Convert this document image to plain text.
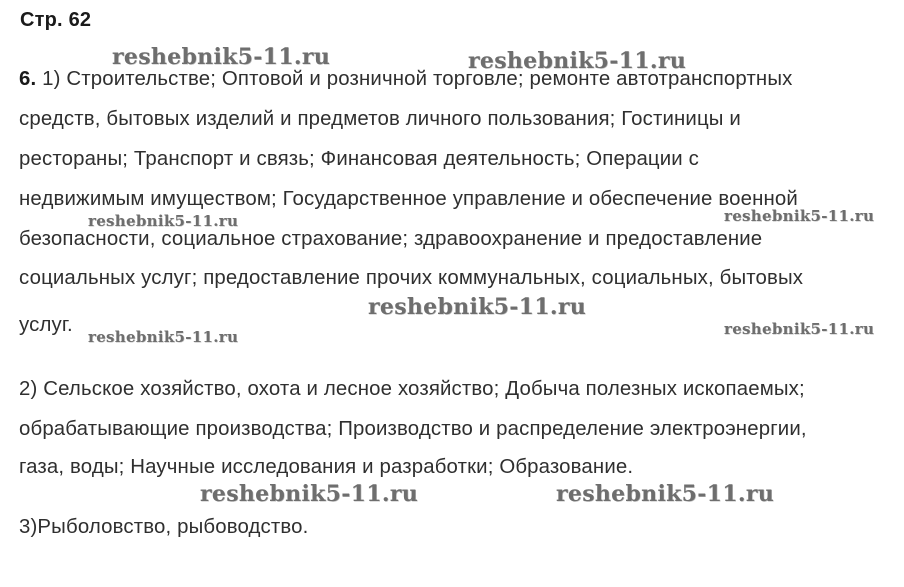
Стр. 62
6. 1) Строительстве; Оптовой и розничной торговле; ремонте автотранспортных
средств, бытовых изделий и предметов личного пользования; Гостиницы и
рестораны; Транспорт и связь; Финансовая деятельность; Операции с
недвижимым имуществом; Государственное управление и обеспечение военной
безопасности, социальное страхование; здравоохранение и предоставление
социальных услуг; предоставление прочих коммунальных, социальных, бытовых
услуг.
2) Сельское хозяйство, охота и лесное хозяйство; Добыча полезных ископаемых;
обрабатывающие производства; Производство и распределение электроэнергии,
газа, воды; Научные исследования и разработки; Образование.
3)Рыболовство, рыбоводство.
reshebnik5-11.ru	reshebnik5-11.ru
reshebnik5-11.ru	reshebnik5-11.ru
reshebnik5-11.ru
reshebnik5-11.ru	reshebnik5-11.ru
reshebnik5-11.ru	reshebnik5-11.ru
